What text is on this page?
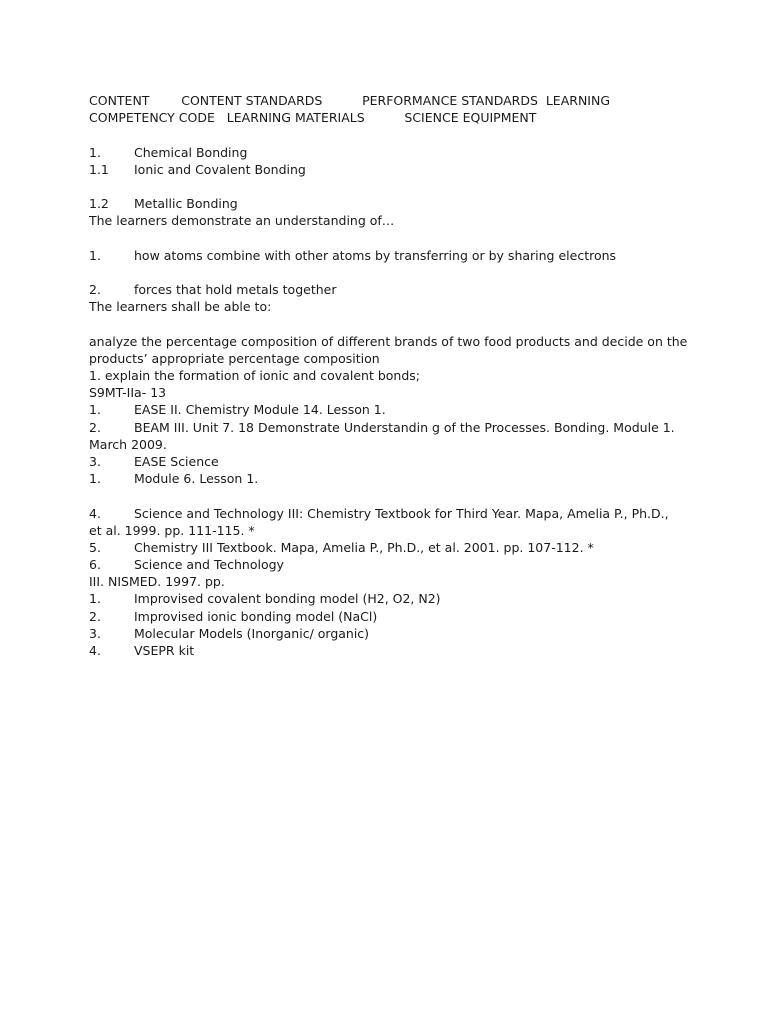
CONTENT        CONTENT STANDARDS          PERFORMANCE STANDARDS  LEARNING
COMPETENCY CODE   LEARNING MATERIALS          SCIENCE EQUIPMENT
1.	Chemical Bonding
1.1	Ionic and Covalent Bonding
1.2	Metallic Bonding
The learners demonstrate an understanding of…
1.	how atoms combine with other atoms by transferring or by sharing electrons
2.	forces that hold metals together
The learners shall be able to:
analyze the percentage composition of different brands of two food products and decide on the products’ appropriate percentage composition
1. explain the formation of ionic and covalent bonds;
S9MT-IIa- 13
1.	EASE II. Chemistry Module 14. Lesson 1.
2.	BEAM III. Unit 7. 18 Demonstrate Understandin g of the Processes. Bonding. Module 1.
March 2009.
3.	EASE Science
1.	Module 6. Lesson 1.
4.	Science and Technology III: Chemistry Textbook for Third Year. Mapa, Amelia P., Ph.D.,
et al. 1999. pp. 111-115. *
5.	Chemistry III Textbook. Mapa, Amelia P., Ph.D., et al. 2001. pp. 107-112. *
6.	Science and Technology
III. NISMED. 1997. pp.
1.	Improvised covalent bonding model (H2, O2, N2)
2.	Improvised ionic bonding model (NaCl)
3.	Molecular Models (Inorganic/ organic)
4.	VSEPR kit
